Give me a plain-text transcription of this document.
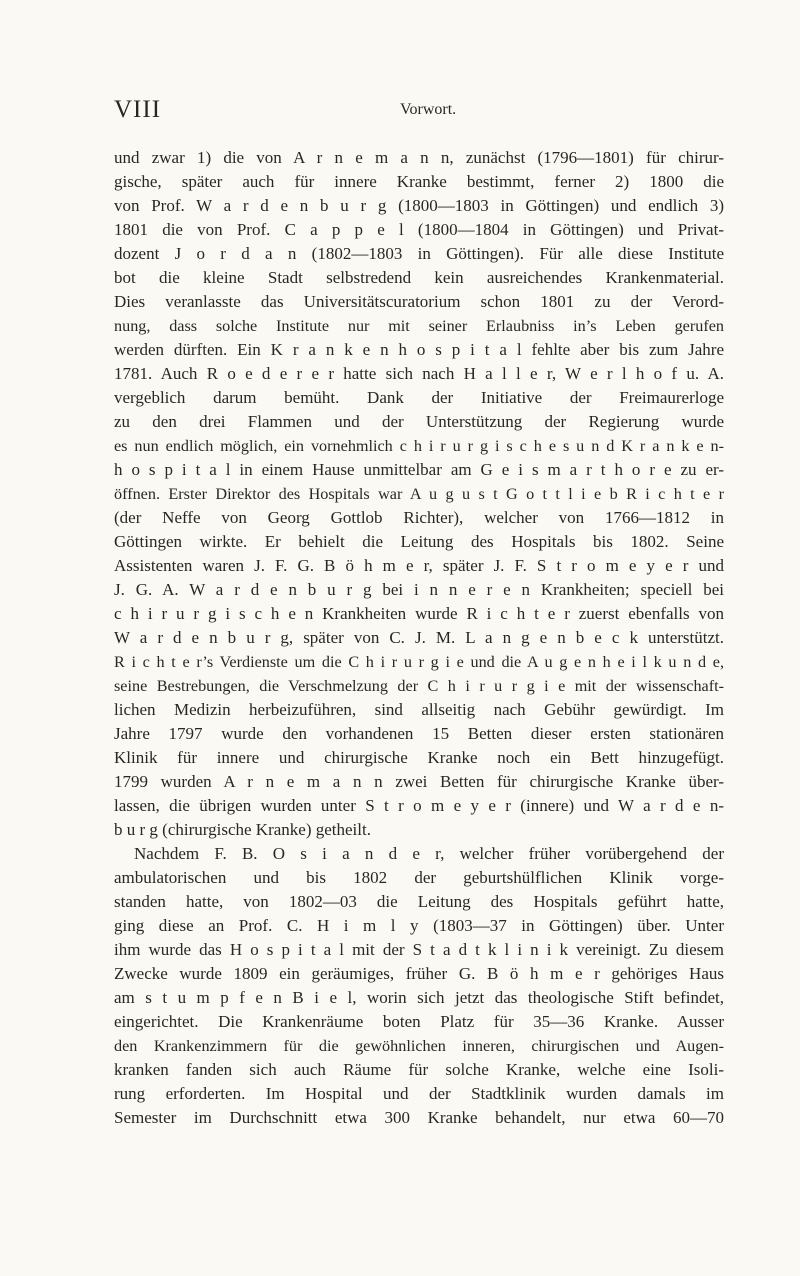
VIII	Vorwort.
und zwar 1) die von A r n e m a n n, zunächst (1796—1801) für chirur-
gische, später auch für innere Kranke bestimmt, ferner 2) 1800 die
von Prof. W a r d e n b u r g (1800—1803 in Göttingen) und endlich 3)
1801 die von Prof. C a p p e l (1800—1804 in Göttingen) und Privat-
dozent J o r d a n (1802—1803 in Göttingen). Für alle diese Institute
bot die kleine Stadt selbstredend kein ausreichendes Krankenmaterial.
Dies veranlasste das Universitätscuratorium schon 1801 zu der Verord-
nung, dass solche Institute nur mit seiner Erlaubniss in’s Leben gerufen
werden dürften. Ein K r a n k e n h o s p i t a l fehlte aber bis zum Jahre
1781. Auch R o e d e r e r hatte sich nach H a l l e r, W e r l h o f u. A.
vergeblich darum bemüht. Dank der Initiative der Freimaurerloge
zu den drei Flammen und der Unterstützung der Regierung wurde
es nun endlich möglich, ein vornehmlich c h i r u r g i s c h e s u n d K r a n k e n-
h o s p i t a l in einem Hause unmittelbar am G e i s m a r t h o r e zu er-
öffnen. Erster Direktor des Hospitals war A u g u s t G o t t l i e b R i c h t e r
(der Neffe von Georg Gottlob Richter), welcher von 1766—1812 in
Göttingen wirkte. Er behielt die Leitung des Hospitals bis 1802. Seine
Assistenten waren J. F. G. B ö h m e r, später J. F. S t r o m e y e r und
J. G. A. W a r d e n b u r g bei i n n e r e n Krankheiten; speciell bei
c h i r u r g i s c h e n Krankheiten wurde R i c h t e r zuerst ebenfalls von
W a r d e n b u r g, später von C. J. M. L a n g e n b e c k unterstützt.
R i c h t e r’s Verdienste um die C h i r u r g i e und die A u g e n h e i l k u n d e,
seine Bestrebungen, die Verschmelzung der C h i r u r g i e mit der wissenschaft-
lichen Medizin herbeizuführen, sind allseitig nach Gebühr gewürdigt. Im
Jahre 1797 wurde den vorhandenen 15 Betten dieser ersten stationären
Klinik für innere und chirurgische Kranke noch ein Bett hinzugefügt.
1799 wurden A r n e m a n n zwei Betten für chirurgische Kranke über-
lassen, die übrigen wurden unter S t r o m e y e r (innere) und W a r d e n-
b u r g (chirurgische Kranke) getheilt.
Nachdem F. B. O s i a n d e r, welcher früher vorübergehend der
ambulatorischen und bis 1802 der geburtshülflichen Klinik vorge-
standen hatte, von 1802—03 die Leitung des Hospitals geführt hatte,
ging diese an Prof. C. H i m l y (1803—37 in Göttingen) über. Unter
ihm wurde das H o s p i t a l mit der S t a d t k l i n i k vereinigt. Zu diesem
Zwecke wurde 1809 ein geräumiges, früher G. B ö h m e r gehöriges Haus
am s t u m p f e n B i e l, worin sich jetzt das theologische Stift befindet,
eingerichtet. Die Krankenräume boten Platz für 35—36 Kranke. Ausser
den Krankenzimmern für die gewöhnlichen inneren, chirurgischen und Augen-
kranken fanden sich auch Räume für solche Kranke, welche eine Isoli-
rung erforderten. Im Hospital und der Stadtklinik wurden damals im
Semester im Durchschnitt etwa 300 Kranke behandelt, nur etwa 60—70
